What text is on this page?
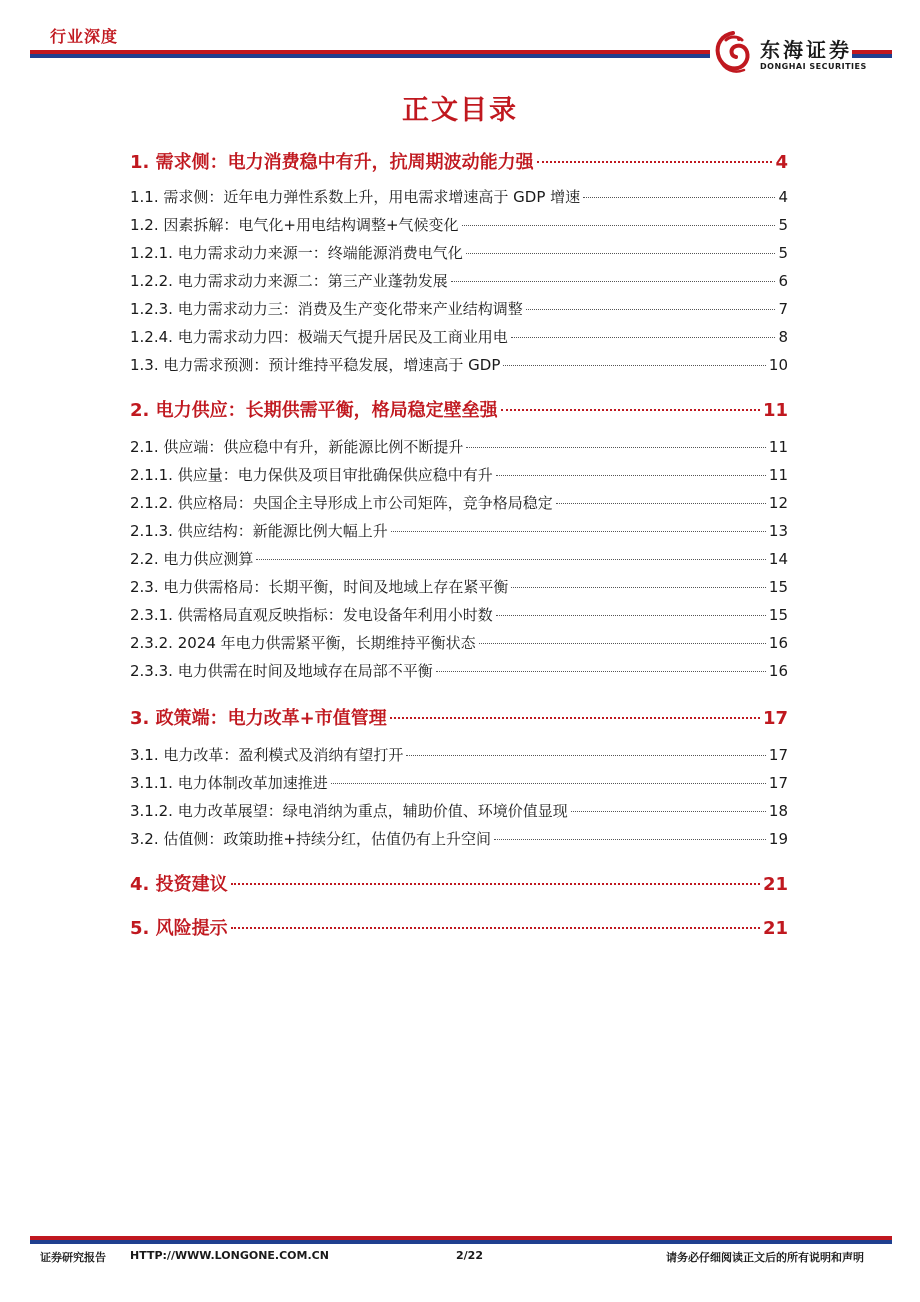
行业深度
东海证券
DONGHAI SECURITIES
正文目录
1. 需求侧：电力消费稳中有升，抗周期波动能力强	4
1.1. 需求侧：近年电力弹性系数上升，用电需求增速高于 GDP 增速	4
1.2. 因素拆解：电气化+用电结构调整+气候变化	5
1.2.1. 电力需求动力来源一：终端能源消费电气化	5
1.2.2. 电力需求动力来源二：第三产业蓬勃发展	6
1.2.3. 电力需求动力三：消费及生产变化带来产业结构调整	7
1.2.4. 电力需求动力四：极端天气提升居民及工商业用电	8
1.3. 电力需求预测：预计维持平稳发展，增速高于 GDP	10
2. 电力供应：长期供需平衡，格局稳定壁垒强	11
2.1. 供应端：供应稳中有升，新能源比例不断提升	11
2.1.1. 供应量：电力保供及项目审批确保供应稳中有升	11
2.1.2. 供应格局：央国企主导形成上市公司矩阵，竞争格局稳定	12
2.1.3. 供应结构：新能源比例大幅上升	13
2.2. 电力供应测算	14
2.3. 电力供需格局：长期平衡，时间及地域上存在紧平衡	15
2.3.1. 供需格局直观反映指标：发电设备年利用小时数	15
2.3.2. 2024 年电力供需紧平衡，长期维持平衡状态	16
2.3.3. 电力供需在时间及地域存在局部不平衡	16
3. 政策端：电力改革+市值管理	17
3.1. 电力改革：盈利模式及消纳有望打开	17
3.1.1. 电力体制改革加速推进	17
3.1.2. 电力改革展望：绿电消纳为重点，辅助价值、环境价值显现	18
3.2. 估值侧：政策助推+持续分红，估值仍有上升空间	19
4. 投资建议	21
5. 风险提示	21
证券研究报告 HTTP://WWW.LONGONE.COM.CN	2/22	请务必仔细阅读正文后的所有说明和声明
